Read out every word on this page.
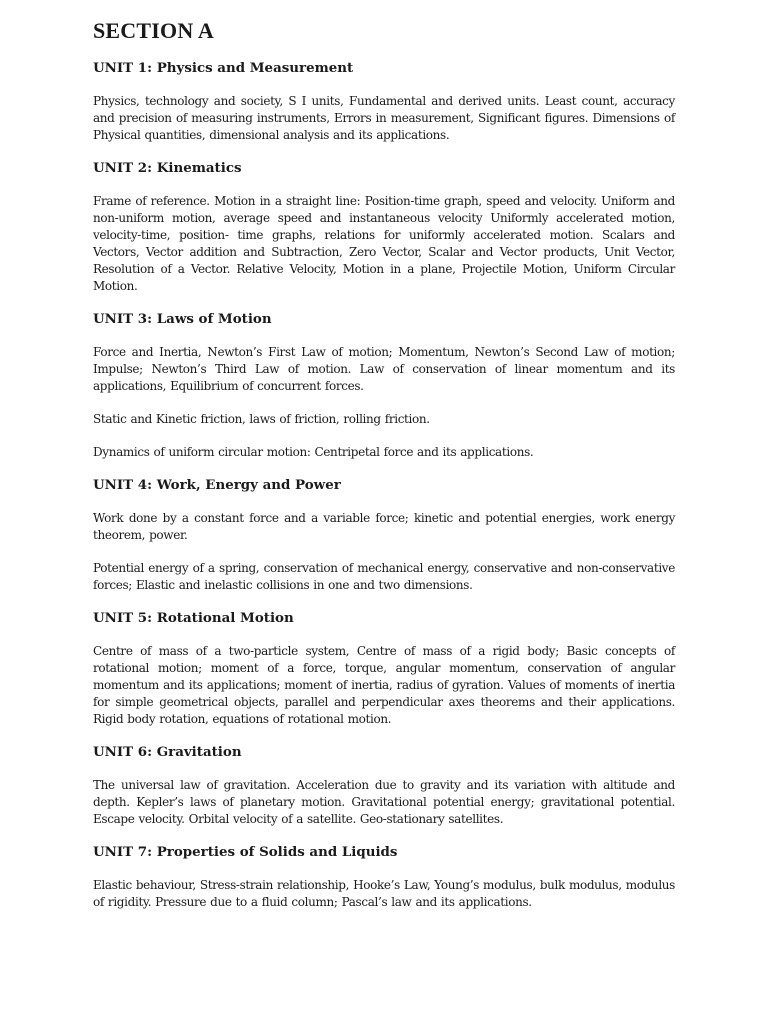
SECTION A
UNIT 1: Physics and Measurement

Physics, technology and society, S I units, Fundamental and derived units. Least count, accuracy and precision of measuring instruments, Errors in measurement, Significant figures. Dimensions of Physical quantities, dimensional analysis and its applications.

UNIT 2: Kinematics

Frame of reference. Motion in a straight line: Position-time graph, speed and velocity. Uniform and non-uniform motion, average speed and instantaneous velocity Uniformly accelerated motion, velocity-time, position- time graphs, relations for uniformly accelerated motion. Scalars and Vectors, Vector addition and Subtraction, Zero Vector, Scalar and Vector products, Unit Vector, Resolution of a Vector. Relative Velocity, Motion in a plane, Projectile Motion, Uniform Circular Motion.

UNIT 3: Laws of Motion

Force and Inertia, Newton’s First Law of motion; Momentum, Newton’s Second Law of motion; Impulse; Newton’s Third Law of motion. Law of conservation of linear momentum and its applications, Equilibrium of concurrent forces.

Static and Kinetic friction, laws of friction, rolling friction.

Dynamics of uniform circular motion: Centripetal force and its applications.

UNIT 4: Work, Energy and Power

Work done by a constant force and a variable force; kinetic and potential energies, work energy theorem, power.

Potential energy of a spring, conservation of mechanical energy, conservative and non-conservative forces; Elastic and inelastic collisions in one and two dimensions.

UNIT 5: Rotational Motion

Centre of mass of a two-particle system, Centre of mass of a rigid body; Basic concepts of rotational motion; moment of a force, torque, angular momentum, conservation of angular momentum and its applications; moment of inertia, radius of gyration. Values of moments of inertia for simple geometrical objects, parallel and perpendicular axes theorems and their applications. Rigid body rotation, equations of rotational motion.

UNIT 6: Gravitation

The universal law of gravitation. Acceleration due to gravity and its variation with altitude and depth. Kepler’s laws of planetary motion. Gravitational potential energy; gravitational potential. Escape velocity. Orbital velocity of a satellite. Geo-stationary satellites.

UNIT 7: Properties of Solids and Liquids

Elastic behaviour, Stress-strain relationship, Hooke’s Law, Young’s modulus, bulk modulus, modulus of rigidity. Pressure due to a fluid column; Pascal’s law and its applications.
